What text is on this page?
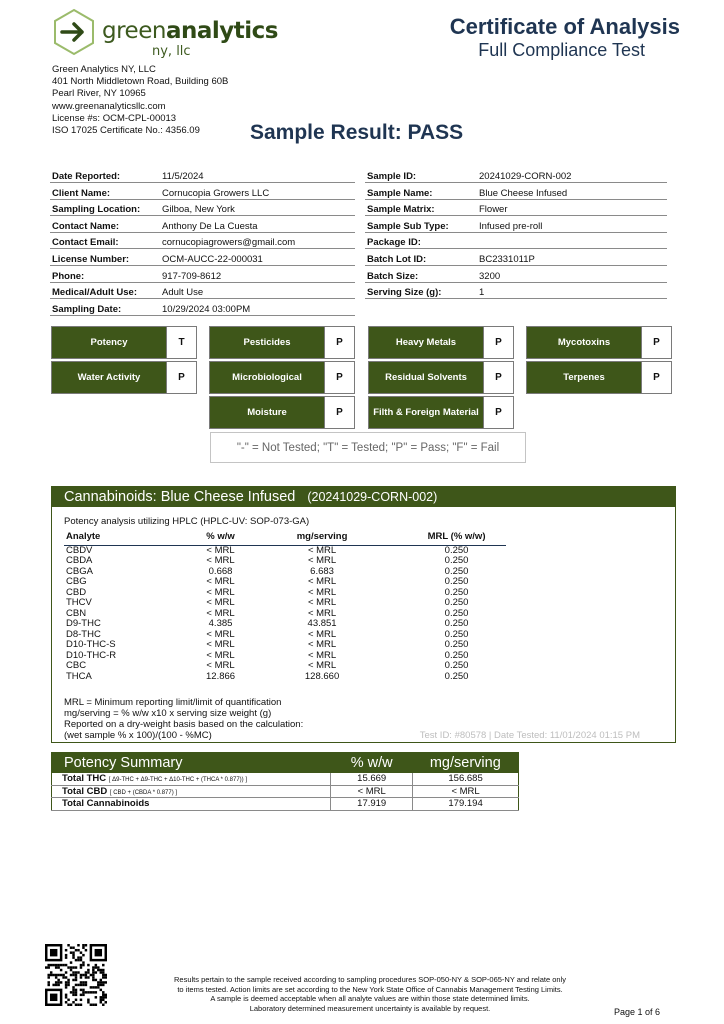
greenanalytics
ny, llc
Certificate of Analysis
Full Compliance Test
Green Analytics NY, LLC
401 North Middletown Road, Building 60B
Pearl River, NY 10965
www.greenanalyticsllc.com
License #s: OCM-CPL-00013
ISO 17025 Certificate No.: 4356.09	Sample Result: PASS
Date Reported:	11/5/2024
Client Name:	Cornucopia Growers LLC
Sampling Location:	Gilboa, New York
Contact Name:	Anthony De La Cuesta
Contact Email:	cornucopiagrowers@gmail.com
License Number:	OCM-AUCC-22-000031
Phone:	917-709-8612
Medical/Adult Use:	Adult Use
Sampling Date:	10/29/2024 03:00PM
Sample ID:	20241029-CORN-002
Sample Name:	Blue Cheese Infused
Sample Matrix:	Flower
Sample Sub Type:	Infused pre-roll
Package ID:	
Batch Lot ID:	BC2331011P
Batch Size:	3200
Serving Size (g):	1
Potency	T	Pesticides	P	Heavy Metals	P	Mycotoxins	P
Water Activity	P	Microbiological	P	Residual Solvents	P	Terpenes	P
Moisture	P	Filth & Foreign Material	P
"-" = Not Tested; "T" = Tested; "P" = Pass; "F" = Fail
Cannabinoids: Blue Cheese Infused (20241029-CORN-002)
Potency analysis utilizing HPLC (HPLC-UV: SOP-073-GA)
Analyte	% w/w	mg/serving	MRL (% w/w)
CBDV	< MRL	< MRL	0.250
CBDA	< MRL	< MRL	0.250
CBGA	0.668	6.683	0.250
CBG	< MRL	< MRL	0.250
CBD	< MRL	< MRL	0.250
THCV	< MRL	< MRL	0.250
CBN	< MRL	< MRL	0.250
D9-THC	4.385	43.851	0.250
D8-THC	< MRL	< MRL	0.250
D10-THC-S	< MRL	< MRL	0.250
D10-THC-R	< MRL	< MRL	0.250
CBC	< MRL	< MRL	0.250
THCA	12.866	128.660	0.250
MRL = Minimum reporting limit/limit of quantification
mg/serving = % w/w x10 x serving size weight (g)
Reported on a dry-weight basis based on the calculation:
(wet sample % x 100)/(100 - %MC)	Test ID: #80578 | Date Tested: 11/01/2024 01:15 PM
Potency Summary	% w/w	mg/serving
Total THC [ Δ9-THC + Δ9-THC + Δ10-THC + (THCA * 0.877)) ]	15.669	156.685
Total CBD [ CBD + (CBDA * 0.877) ]	< MRL	< MRL
Total Cannabinoids	17.919	179.194
Results pertain to the sample received according to sampling procedures SOP-050-NY & SOP-065-NY and relate only
to items tested. Action limits are set according to the New York State Office of Cannabis Management Testing Limits.
A sample is deemed acceptable when all analyte values are within those state determined limits.
Laboratory determined measurement uncertainty is available by request.	Page 1 of 6
